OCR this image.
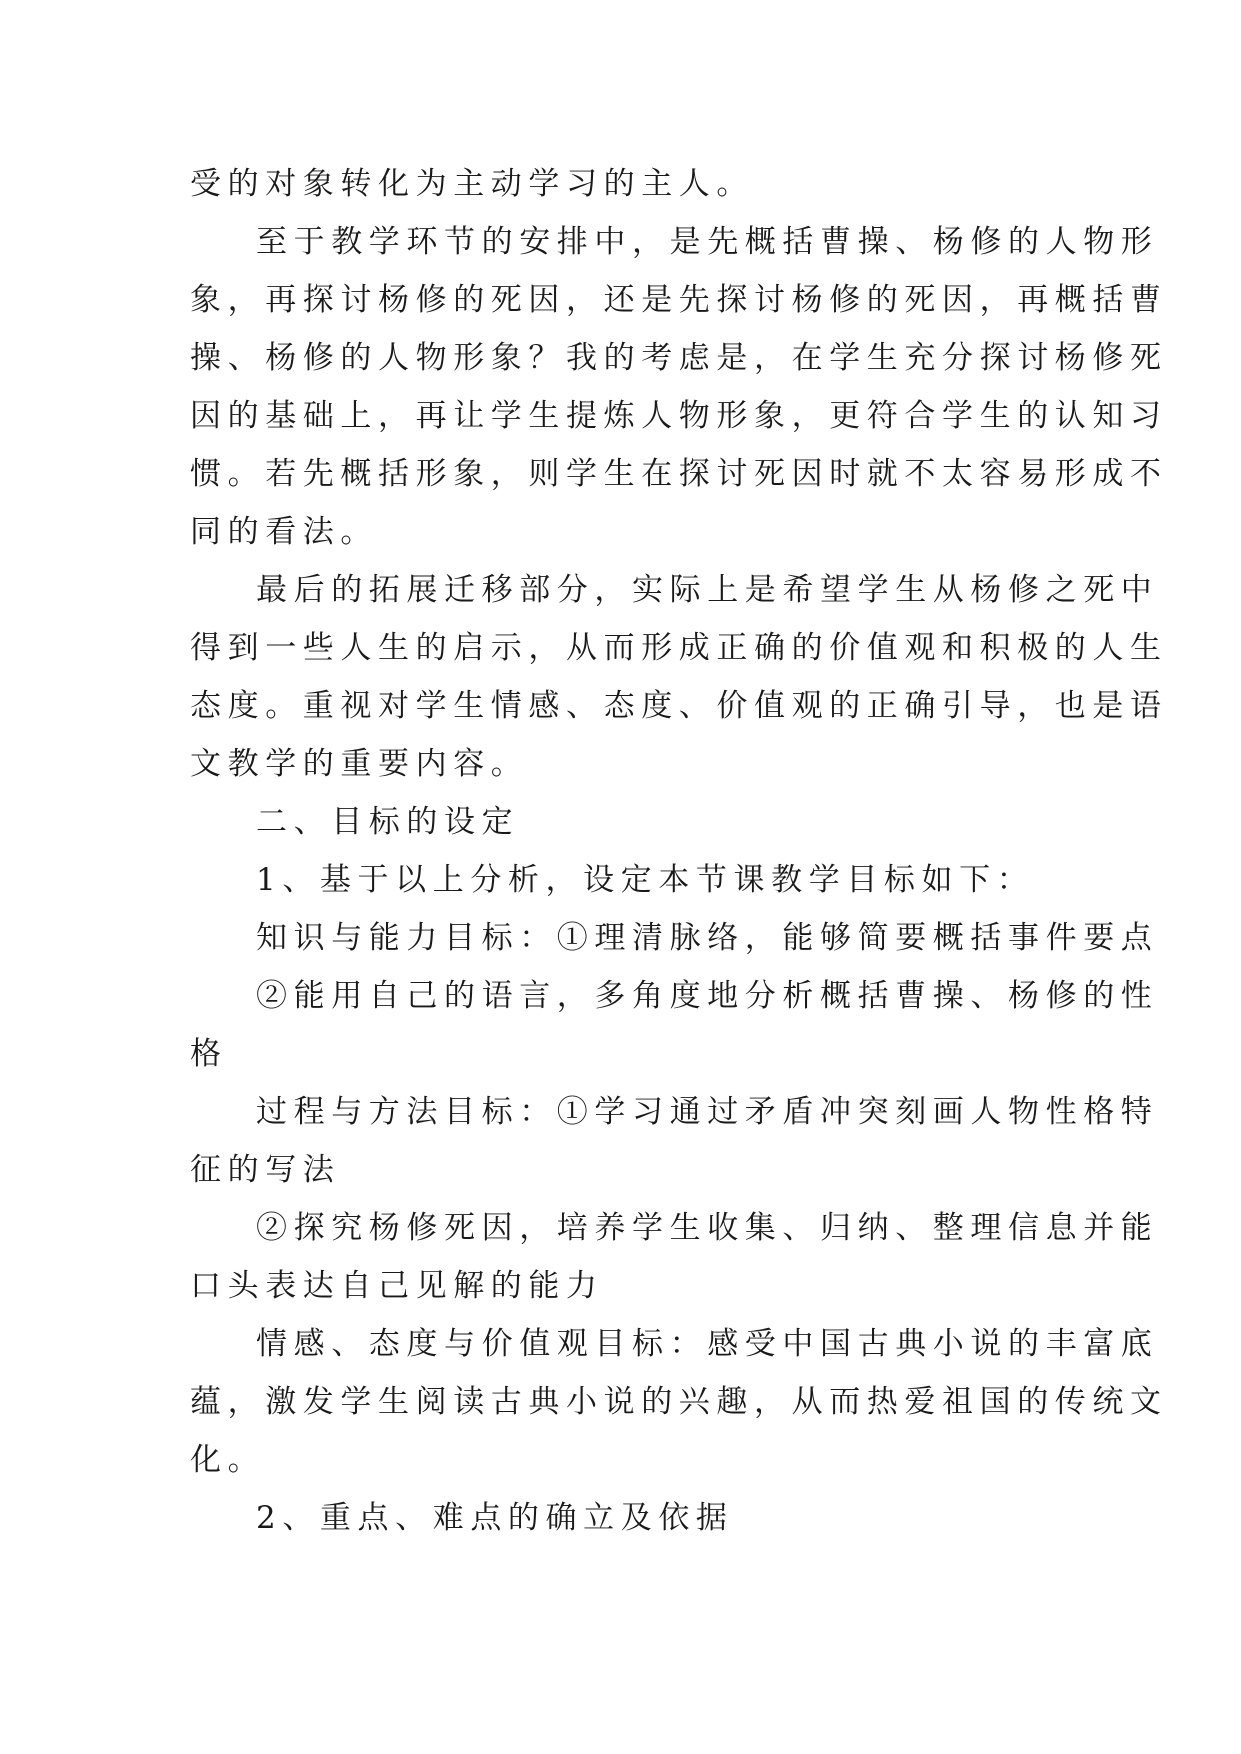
受的对象转化为主动学习的主人。
至于教学环节的安排中，是先概括曹操、杨修的人物形
象，再探讨杨修的死因，还是先探讨杨修的死因，再概括曹
操、杨修的人物形象？我的考虑是，在学生充分探讨杨修死
因的基础上，再让学生提炼人物形象，更符合学生的认知习
惯。若先概括形象，则学生在探讨死因时就不太容易形成不
同的看法。
最后的拓展迁移部分，实际上是希望学生从杨修之死中
得到一些人生的启示，从而形成正确的价值观和积极的人生
态度。重视对学生情感、态度、价值观的正确引导，也是语
文教学的重要内容。
二、目标的设定
1、基于以上分析，设定本节课教学目标如下：
知识与能力目标：①理清脉络，能够简要概括事件要点
②能用自己的语言，多角度地分析概括曹操、杨修的性
格
过程与方法目标：①学习通过矛盾冲突刻画人物性格特
征的写法
②探究杨修死因，培养学生收集、归纳、整理信息并能
口头表达自己见解的能力
情感、态度与价值观目标：感受中国古典小说的丰富底
蕴，激发学生阅读古典小说的兴趣，从而热爱祖国的传统文
化。
2、重点、难点的确立及依据
